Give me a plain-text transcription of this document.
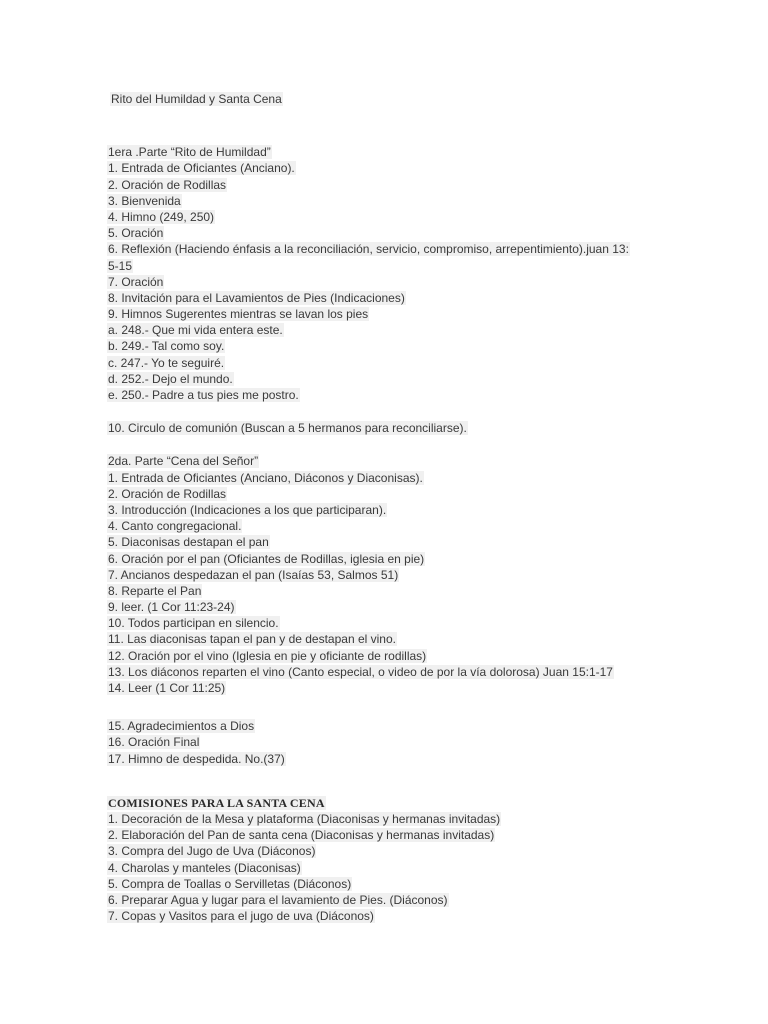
Rito del Humildad y Santa Cena
1era .Parte “Rito de Humildad”
1. Entrada de Oficiantes (Anciano).
2. Oración de Rodillas
3. Bienvenida
4. Himno (249, 250)
5. Oración
6. Reflexión (Haciendo énfasis a la reconciliación, servicio, compromiso, arrepentimiento).juan 13:
5-15
7. Oración
8. Invitación para el Lavamientos de Pies (Indicaciones)
9. Himnos Sugerentes mientras se lavan los pies
a. 248.- Que mi vida entera este.
b. 249.- Tal como soy.
c. 247.- Yo te seguiré.
d. 252.- Dejo el mundo.
e. 250.- Padre a tus pies me postro.
10. Circulo de comunión (Buscan a 5 hermanos para reconciliarse).
2da. Parte “Cena del Señor”
1. Entrada de Oficiantes (Anciano, Diáconos y Diaconisas).
2. Oración de Rodillas
3. Introducción (Indicaciones a los que participaran).
4. Canto congregacional.
5. Diaconisas destapan el pan
6. Oración por el pan (Oficiantes de Rodillas, iglesia en pie)
7. Ancianos despedazan el pan (Isaías 53, Salmos 51)
8. Reparte el Pan
9. leer. (1 Cor 11:23-24)
10. Todos participan en silencio.
11. Las diaconisas tapan el pan y de destapan el vino.
12. Oración por el vino (Iglesia en pie y oficiante de rodillas)
13. Los diáconos reparten el vino (Canto especial, o video de por la vía dolorosa) Juan 15:1-17
14. Leer (1 Cor 11:25)
15. Agradecimientos a Dios
16. Oración Final
17. Himno de despedida. No.(37)
COMISIONES PARA LA SANTA CENA
1. Decoración de la Mesa y plataforma (Diaconisas y hermanas invitadas)
2. Elaboración del Pan de santa cena (Diaconisas y hermanas invitadas)
3. Compra del Jugo de Uva (Diáconos)
4. Charolas y manteles (Diaconisas)
5. Compra de Toallas o Servilletas (Diáconos)
6. Preparar Agua y lugar para el lavamiento de Pies. (Diáconos)
7. Copas y Vasitos para el jugo de uva (Diáconos)
